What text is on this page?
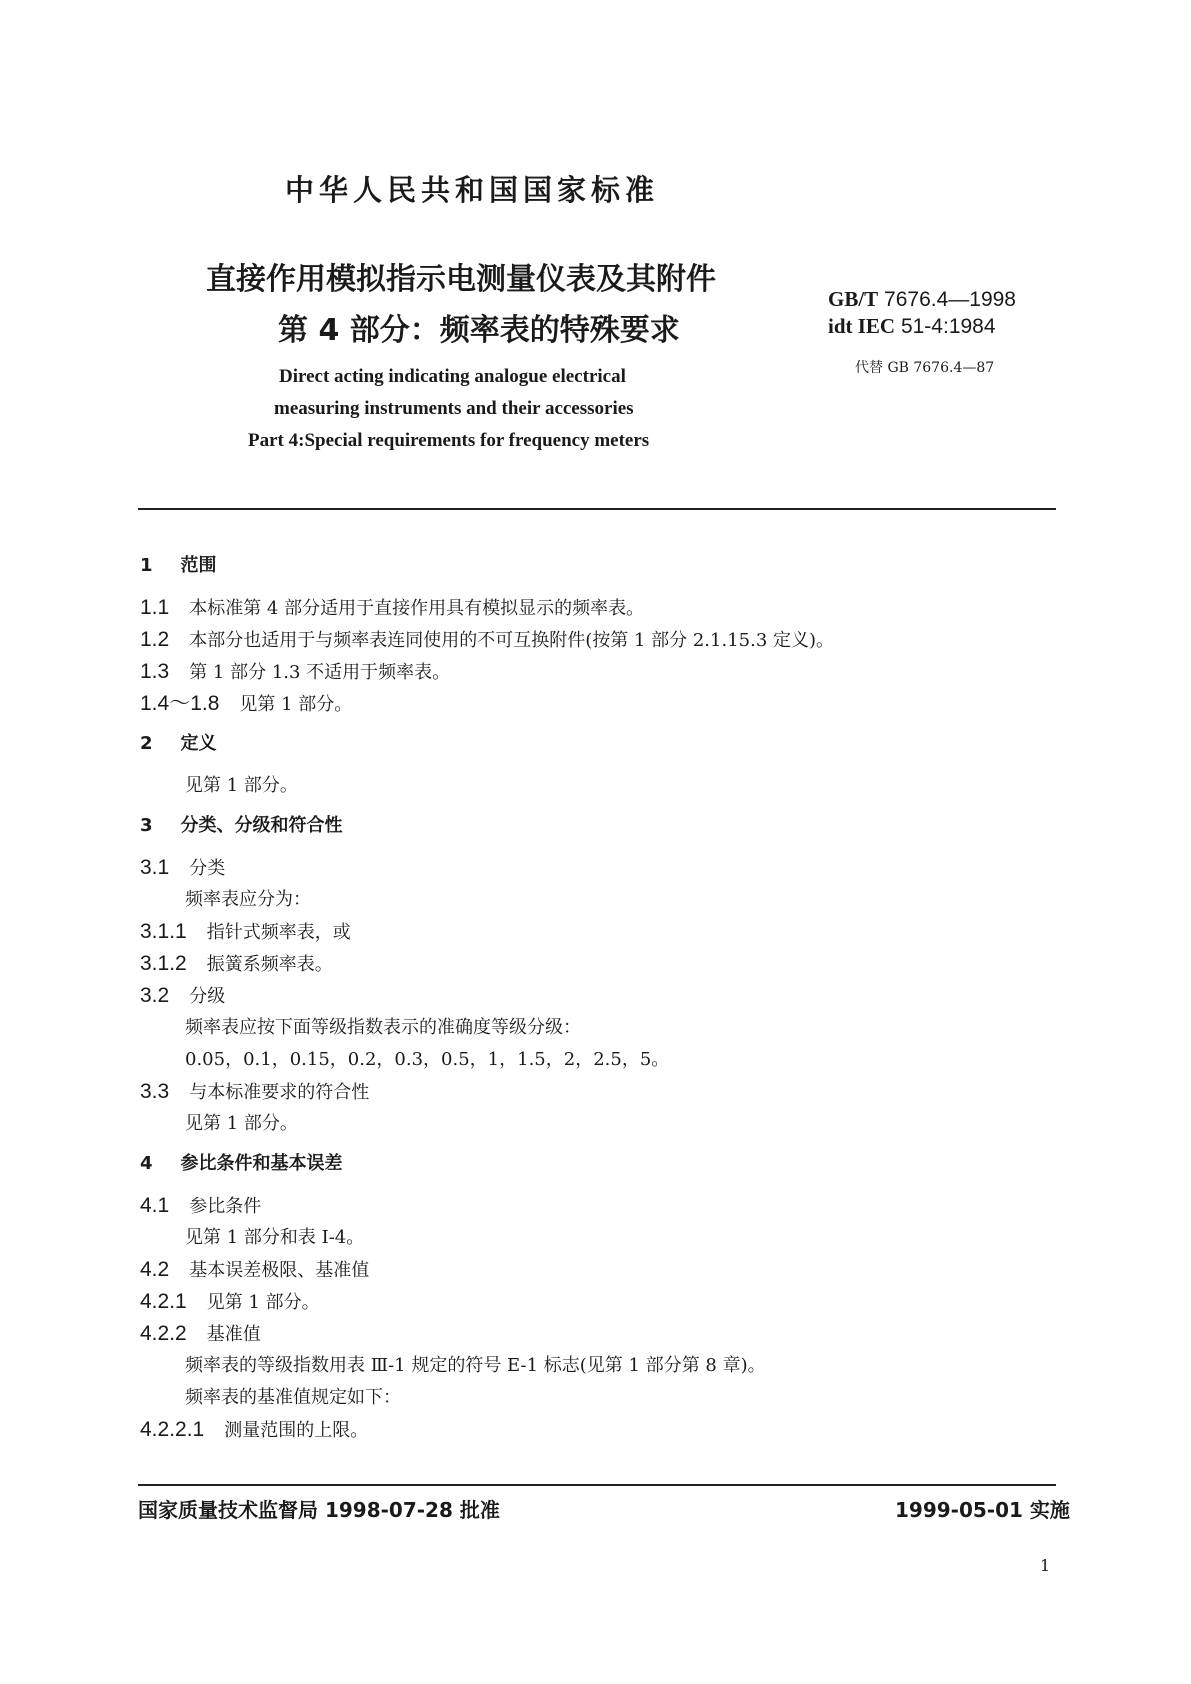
中华人民共和国国家标准
直接作用模拟指示电测量仪表及其附件
第 4 部分：频率表的特殊要求
GB/T 7676.4—1998
idt IEC 51-4:1984
代替 GB 7676.4—87
Direct acting indicating analogue electrical
measuring instruments and their accessories
Part 4:Special requirements for frequency meters
1 范围
1.1 本标准第 4 部分适用于直接作用具有模拟显示的频率表。
1.2 本部分也适用于与频率表连同使用的不可互换附件(按第 1 部分 2.1.15.3 定义)。
1.3 第 1 部分 1.3 不适用于频率表。
1.4～1.8 见第 1 部分。
2 定义
见第 1 部分。
3 分类、分级和符合性
3.1 分类
频率表应分为：
3.1.1 指针式频率表，或
3.1.2 振簧系频率表。
3.2 分级
频率表应按下面等级指数表示的准确度等级分级：
0.05，0.1，0.15，0.2，0.3，0.5，1，1.5，2，2.5，5。
3.3 与本标准要求的符合性
见第 1 部分。
4 参比条件和基本误差
4.1 参比条件
见第 1 部分和表 Ⅰ-4。
4.2 基本误差极限、基准值
4.2.1 见第 1 部分。
4.2.2 基准值
频率表的等级指数用表 Ⅲ-1 规定的符号 E-1 标志(见第 1 部分第 8 章)。
频率表的基准值规定如下：
4.2.2.1 测量范围的上限。
国家质量技术监督局 1998-07-28 批准	1999-05-01 实施
1
